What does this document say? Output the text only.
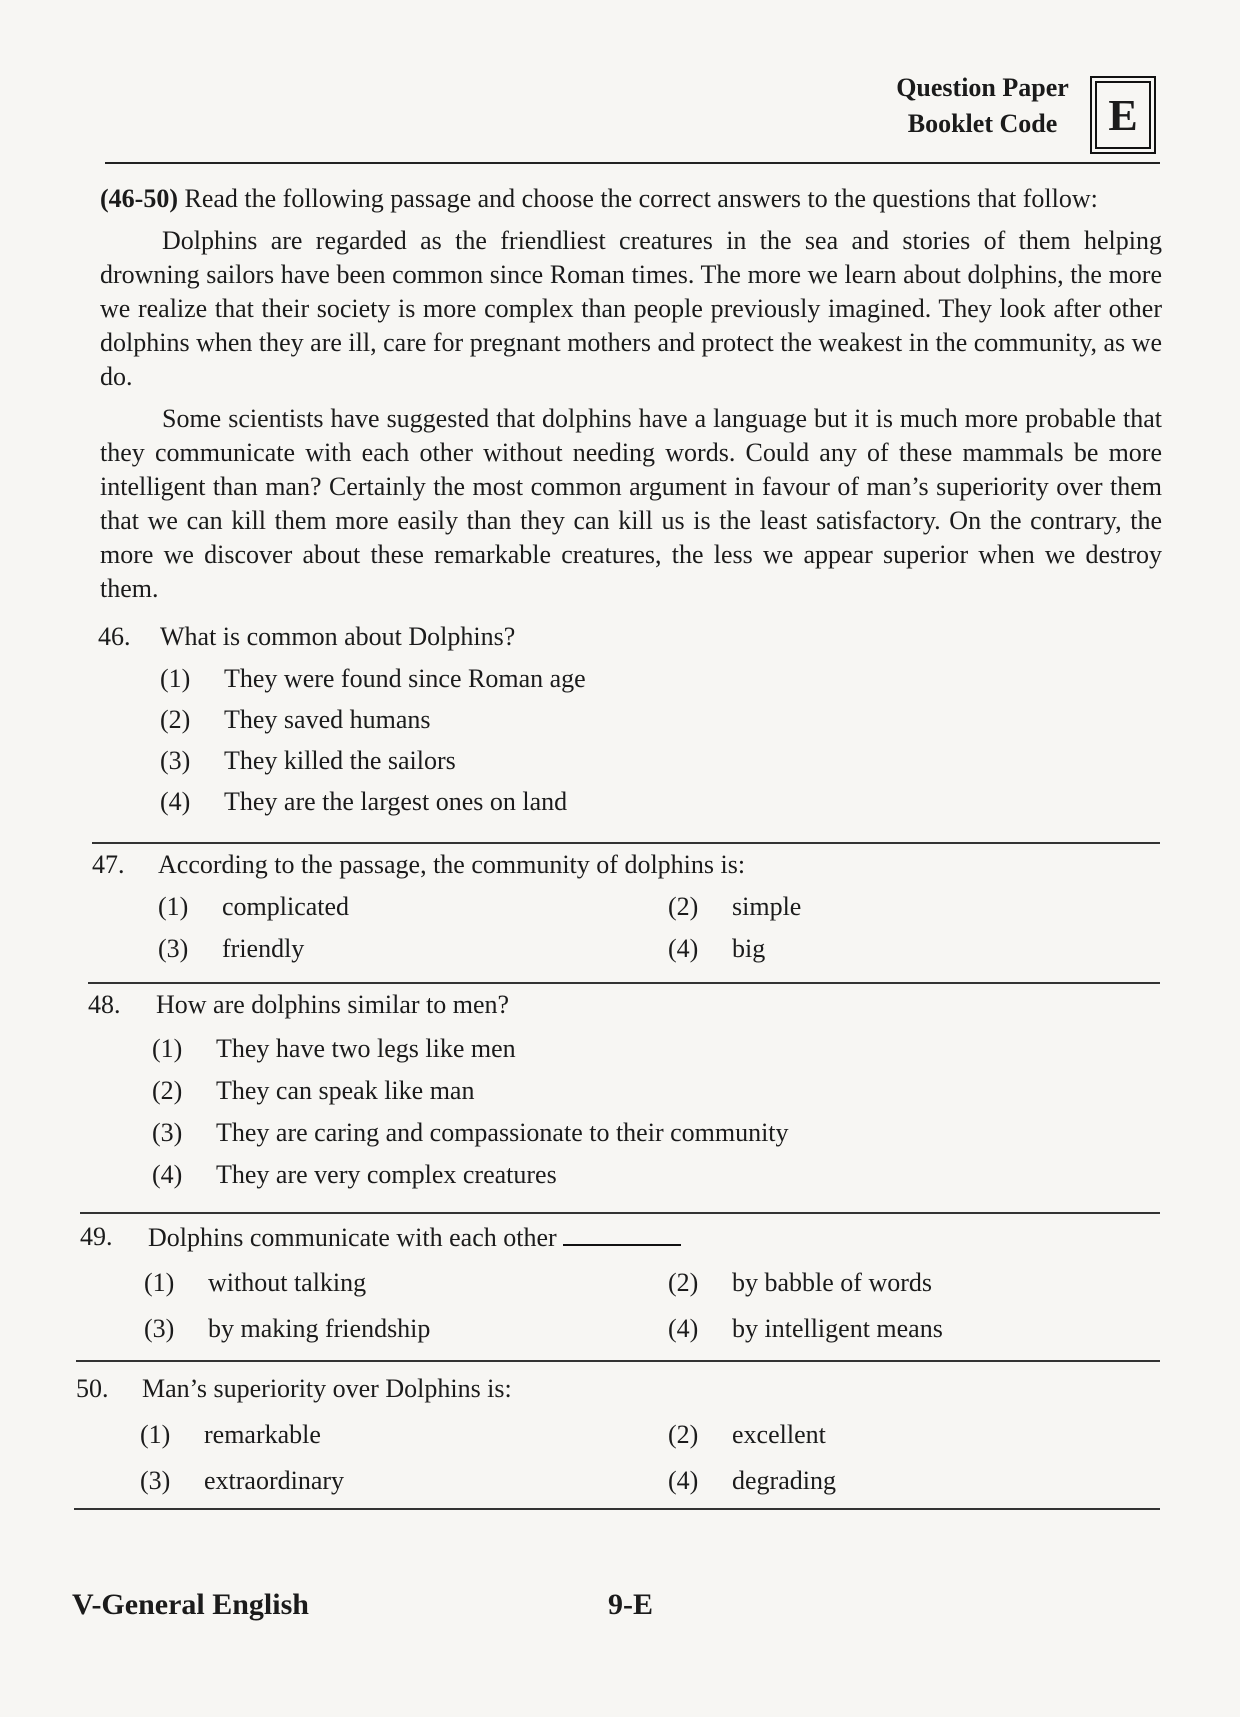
Question Paper
Booklet Code	E

(46-50) Read the following passage and choose the correct answers to the questions that follow:

Dolphins are regarded as the friendliest creatures in the sea and stories of them helping drowning sailors have been common since Roman times. The more we learn about dolphins, the more we realize that their society is more complex than people previously imagined. They look after other dolphins when they are ill, care for pregnant mothers and protect the weakest in the community, as we do.

Some scientists have suggested that dolphins have a language but it is much more probable that they communicate with each other without needing words. Could any of these mammals be more intelligent than man? Certainly the most common argument in favour of man’s superiority over them that we can kill them more easily than they can kill us is the least satisfactory. On the contrary, the more we discover about these remarkable creatures, the less we appear superior when we destroy them.

46. What is common about Dolphins?
(1) They were found since Roman age
(2) They saved humans
(3) They killed the sailors
(4) They are the largest ones on land
47. According to the passage, the community of dolphins is:
(1) complicated	(2) simple
(3) friendly	(4) big
48. How are dolphins similar to men?
(1) They have two legs like men
(2) They can speak like man
(3) They are caring and compassionate to their community
(4) They are very complex creatures
49. Dolphins communicate with each other
(1) without talking	(2) by babble of words
(3) by making friendship	(4) by intelligent means
50. Man’s superiority over Dolphins is:
(1) remarkable	(2) excellent
(3) extraordinary	(4) degrading
V-General English	9-E
